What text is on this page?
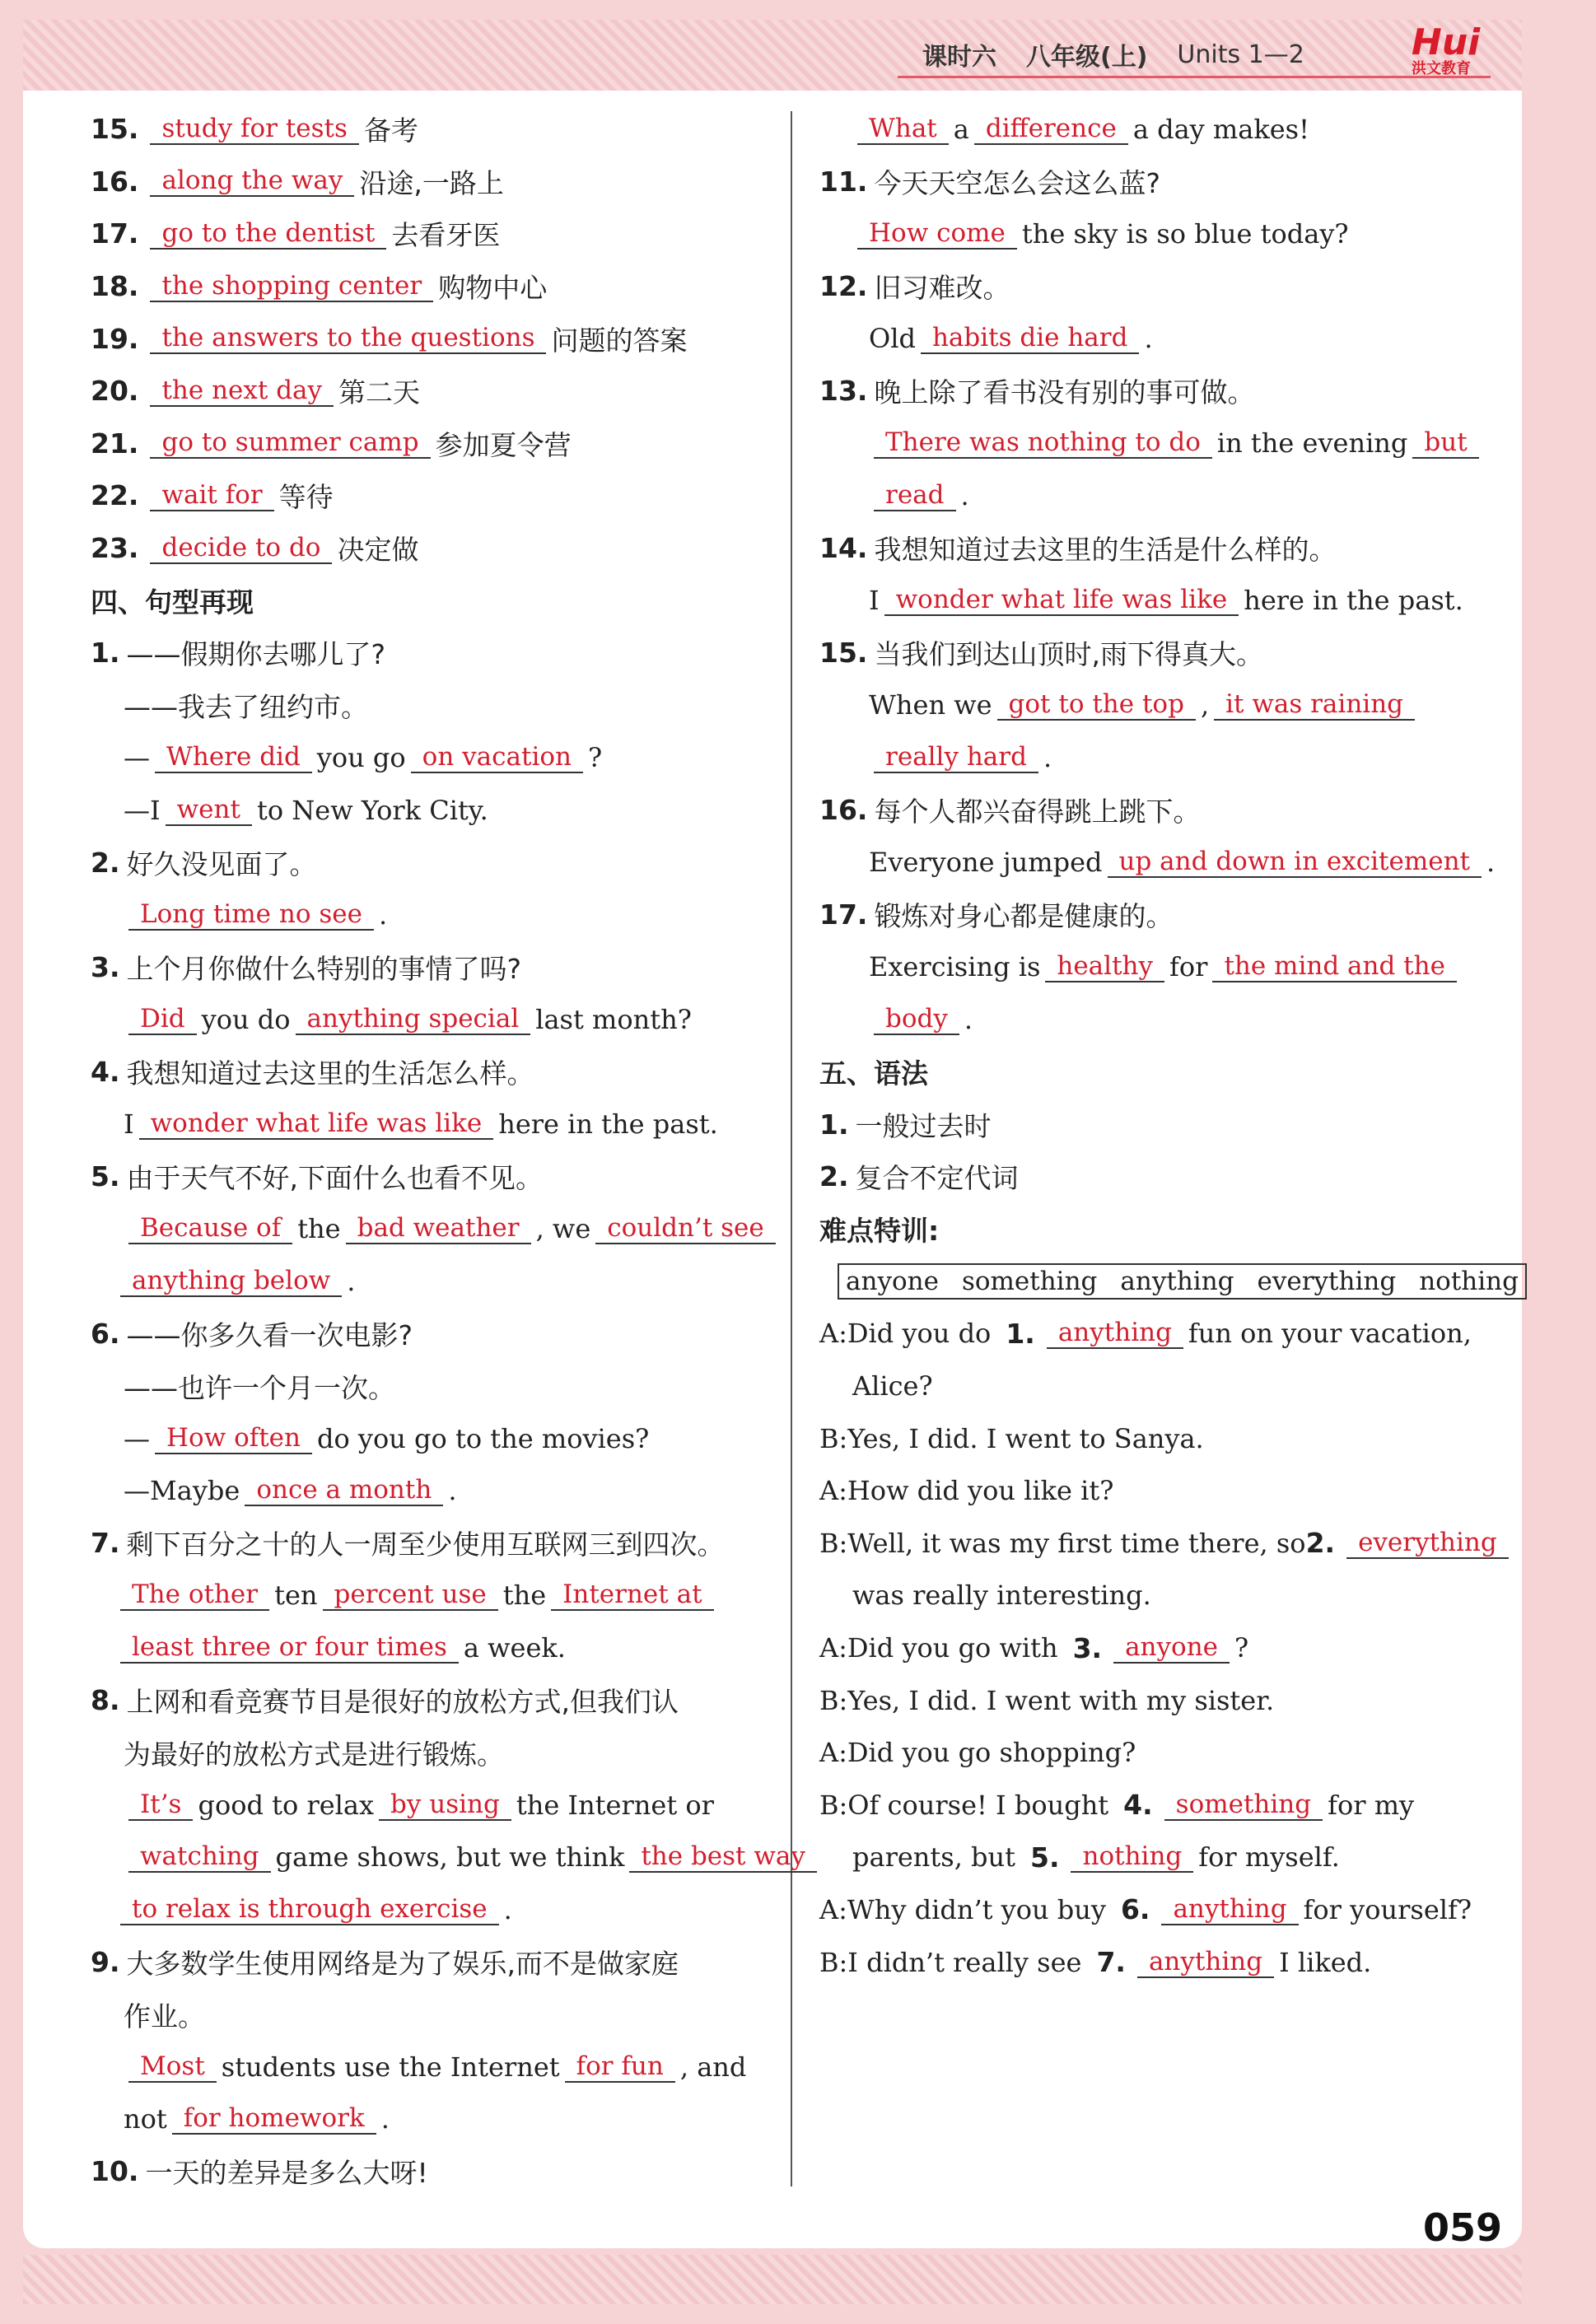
课时六 八年级(上) Units 1—2	Hui
洪文教育
15. study for tests 备考
16. along the way 沿途,一路上
17. go to the dentist 去看牙医
18. the shopping center 购物中心
19. the answers to the questions 问题的答案
20. the next day 第二天
21. go to summer camp 参加夏令营
22. wait for 等待
23. decide to do 决定做
四、句型再现
1. ——假期你去哪儿了?
——我去了纽约市。
— Where did you go on vacation ?
—I went to New York City.
2. 好久没见面了。
Long time no see .
3. 上个月你做什么特别的事情了吗?
Did you do anything special last month?
4. 我想知道过去这里的生活怎么样。
I wonder what life was like here in the past.
5. 由于天气不好,下面什么也看不见。
Because of the bad weather , we couldn’t see
anything below .
6. ——你多久看一次电影?
——也许一个月一次。
— How often do you go to the movies?
—Maybe once a month .
7. 剩下百分之十的人一周至少使用互联网三到四次。
The other ten percent use the Internet at
least three or four times a week.
8. 上网和看竞赛节目是很好的放松方式,但我们认
为最好的放松方式是进行锻炼。
It’s good to relax by using the Internet or
watching game shows, but we think the best way
to relax is through exercise .
9. 大多数学生使用网络是为了娱乐,而不是做家庭
作业。
Most students use the Internet for fun , and
not for homework .
10. 一天的差异是多么大呀!
What a difference a day makes!
11. 今天天空怎么会这么蓝?
How come the sky is so blue today?
12. 旧习难改。
Old habits die hard .
13. 晚上除了看书没有别的事可做。
There was nothing to do in the evening but
read .
14. 我想知道过去这里的生活是什么样的。
I wonder what life was like here in the past.
15. 当我们到达山顶时,雨下得真大。
When we got to the top , it was raining
really hard .
16. 每个人都兴奋得跳上跳下。
Everyone jumped up and down in excitement .
17. 锻炼对身心都是健康的。
Exercising is healthy for the mind and the
body .
五、语法
1. 一般过去时
2. 复合不定代词
难点特训:
anyone something anything everything nothing
A: Did you do 1. anything fun on your vacation,
Alice?
B: Yes, I did. I went to Sanya.
A: How did you like it?
B: Well, it was my first time there, so 2. everything
was really interesting.
A: Did you go with 3. anyone ?
B: Yes, I did. I went with my sister.
A: Did you go shopping?
B: Of course! I bought 4. something for my
parents, but 5. nothing for myself.
A: Why didn’t you buy 6. anything for yourself?
B: I didn’t really see 7. anything I liked.
059
